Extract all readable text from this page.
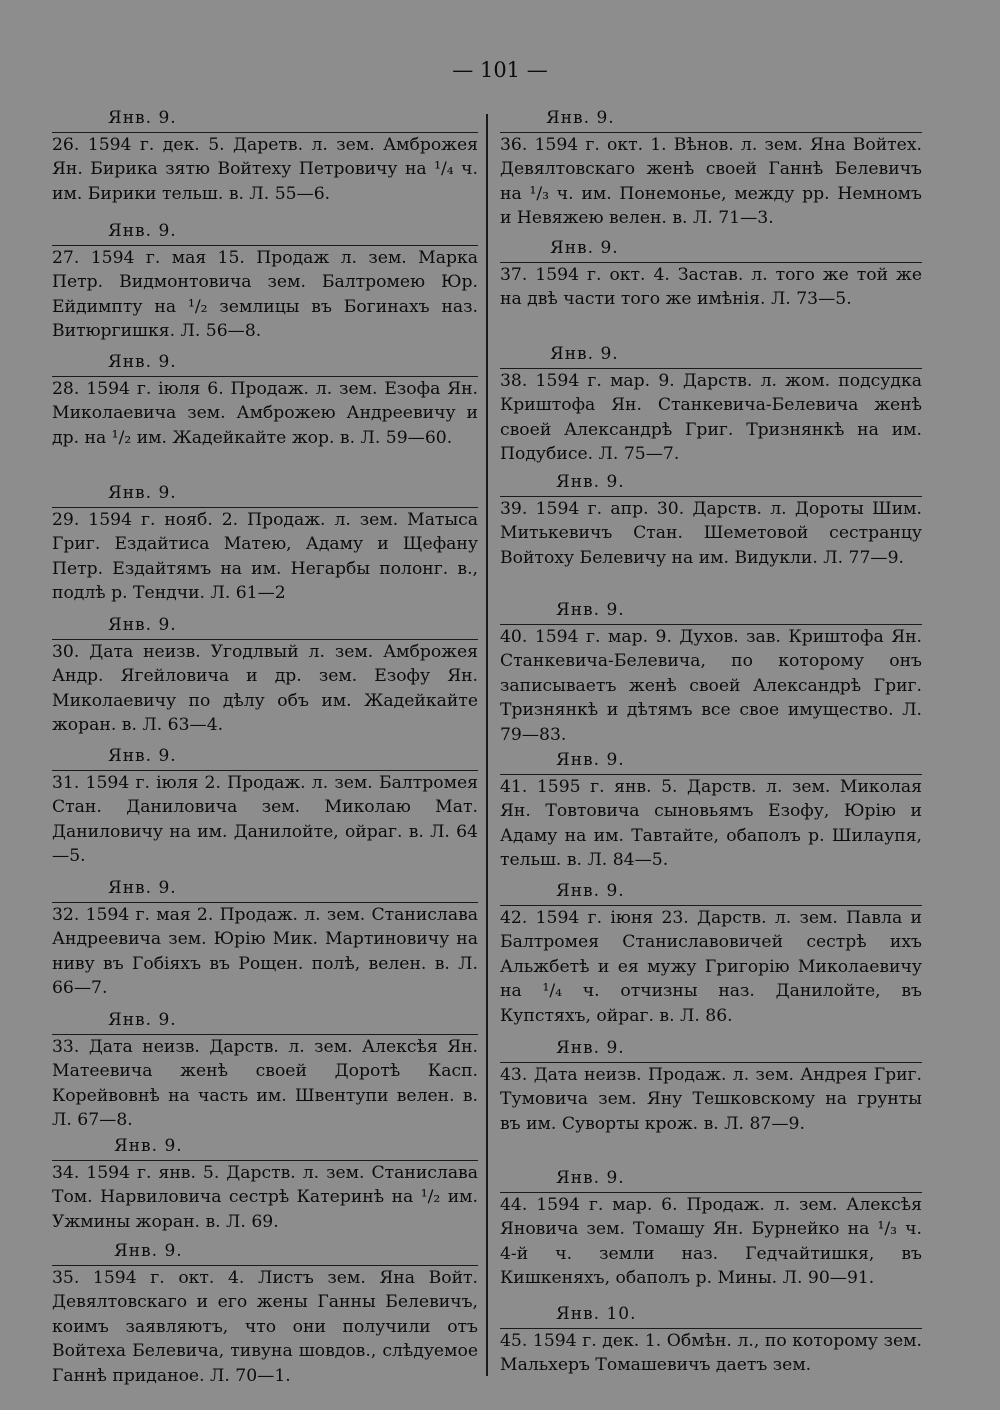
— 101 —
Янв. 9.

26. 1594 г. дек. 5. Даретв. л. зем. Амброжея Ян. Бирика зятю Войтеху Петровичу на ¹/₄ ч. им. Бирики тельш. в. Л. 55—6.

Янв. 9.

27. 1594 г. мая 15. Продаж л. зем. Марка Петр. Видмонтовича зем. Балтромею Юр. Ейдимпту на ¹/₂ землицы въ Богинахъ наз. Витюргишкя. Л. 56—8.

Янв. 9.

28. 1594 г. іюля 6. Продаж. л. зем. Езофа Ян. Миколаевича зем. Амброжею Андреевичу и др. на ¹/₂ им. Жадейкайте жор. в. Л. 59—60.

Янв. 9.

29. 1594 г. нояб. 2. Продаж. л. зем. Матыса Григ. Ездайтиса Матею, Адаму и Щефану Петр. Ездайтямъ на им. Негарбы полонг. в., подлѣ р. Тендчи. Л. 61—2

Янв. 9.

30. Дата неизв. Угодлвый л. зем. Амброжея Андр. Ягейловича и др. зем. Езофу Ян. Миколаевичу по дѣлу объ им. Жадейкайте жоран. в. Л. 63—4.

Янв. 9.

31. 1594 г. іюля 2. Продаж. л. зем. Балтромея Стан. Даниловича зем. Миколаю Мат. Даниловичу на им. Данилойте, ойраг. в. Л. 64—5.

Янв. 9.

32. 1594 г. мая 2. Продаж. л. зем. Станислава Андреевича зем. Юрію Мик. Мартиновичу на ниву въ Гобіяхъ въ Рощен. полѣ, велен. в. Л. 66—7.

Янв. 9.

33. Дата неизв. Дарств. л. зем. Алексѣя Ян. Матеевича женѣ своей Доротѣ Касп. Корейвовнѣ на часть им. Швентупи велен. в. Л. 67—8.

Янв. 9.

34. 1594 г. янв. 5. Дарств. л. зем. Станислава Том. Нарвиловича сестрѣ Катеринѣ на ¹/₂ им. Ужмины жоран. в. Л. 69.

Янв. 9.

35. 1594 г. окт. 4. Листъ зем. Яна Войт. Девялтовскаго и его жены Ганны Белевичъ, коимъ заявляютъ, что они получили отъ Войтеха Белевича, тивуна шовдов., слѣдуемое Ганнѣ приданое. Л. 70—1.

Янв. 9.

36. 1594 г. окт. 1. Вѣнов. л. зем. Яна Войтех. Девялтовскаго женѣ своей Ганнѣ Белевичъ на ¹/₃ ч. им. Понемонье, между рр. Немномъ и Невяжею велен. в. Л. 71—3.

Янв. 9.

37. 1594 г. окт. 4. Застав. л. того же той же на двѣ части того же имѣнія. Л. 73—5.

Янв. 9.

38. 1594 г. мар. 9. Дарств. л. жом. подсудка Криштофа Ян. Станкевича-Белевича женѣ своей Александрѣ Григ. Тризнянкѣ на им. Подубисе. Л. 75—7.

Янв. 9.

39. 1594 г. апр. 30. Дарств. л. Дороты Шим. Митькевичъ Стан. Шеметовой сестранцу Войтоху Белевичу на им. Видукли. Л. 77—9.

Янв. 9.

40. 1594 г. мар. 9. Духов. зав. Криштофа Ян. Станкевича-Белевича, по которому онъ записываетъ женѣ своей Александрѣ Григ. Тризнянкѣ и дѣтямъ все свое имущество. Л. 79—83.

Янв. 9.

41. 1595 г. янв. 5. Дарств. л. зем. Миколая Ян. Товтовича сыновьямъ Езофу, Юрію и Адаму на им. Тавтайте, обаполъ р. Шилаупя, тельш. в. Л. 84—5.

Янв. 9.

42. 1594 г. іюня 23. Дарств. л. зем. Павла и Балтромея Станиславовичей сестрѣ ихъ Альжбетѣ и ея мужу Григорію Миколаевичу на ¹/₄ ч. отчизны наз. Данилойте, въ Купстяхъ, ойраг. в. Л. 86.

Янв. 9.

43. Дата неизв. Продаж. л. зем. Андрея Григ. Тумовича зем. Яну Тешковскому на грунты въ им. Суворты крож. в. Л. 87—9.

Янв. 9.

44. 1594 г. мар. 6. Продаж. л. зем. Алексѣя Яновича зем. Томашу Ян. Бурнейко на ¹/₃ ч. 4-й ч. земли наз. Гедчайтишкя, въ Кишкеняхъ, обаполъ р. Мины. Л. 90—91.

Янв. 10.

45. 1594 г. дек. 1. Обмѣн. л., по которому зем. Мальхеръ Томашевичъ даетъ зем.
